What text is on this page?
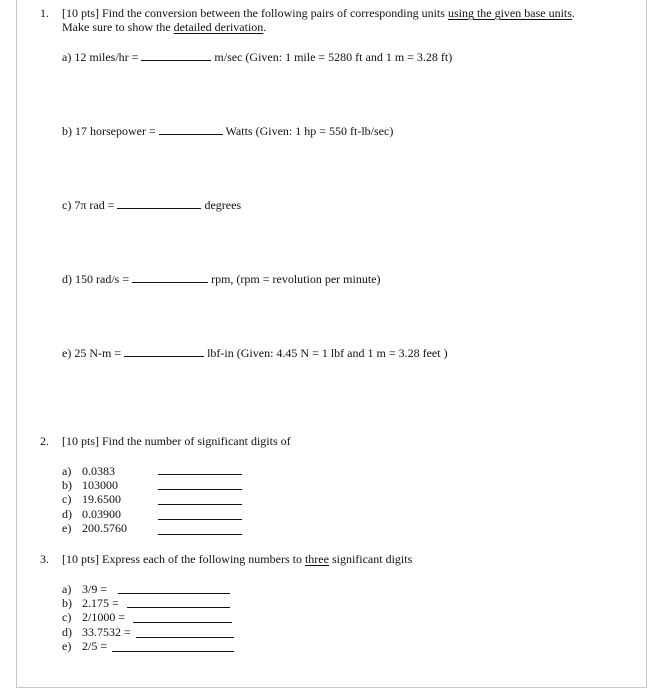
1. [10 pts] Find the conversion between the following pairs of corresponding units using the given base units.
Make sure to show the detailed derivation.
a) 12 miles/hr =	m/sec (Given: 1 mile = 5280 ft and 1 m = 3.28 ft)
b) 17 horsepower =	Watts (Given: 1 hp = 550 ft-lb/sec)
c) 7π rad =	degrees
d) 150 rad/s =	rpm, (rpm = revolution per minute)
e) 25 N-m =	lbf-in (Given: 4.45 N = 1 lbf and 1 m = 3.28 feet )
2. [10 pts] Find the number of significant digits of
a) 0.0383
b) 103000
c) 19.6500
d) 0.03900
e) 200.5760
3. [10 pts] Express each of the following numbers to three significant digits
a) 3/9 =
b) 2.175 =
c) 2/1000 =
d) 33.7532 =
e) 2/5 =
